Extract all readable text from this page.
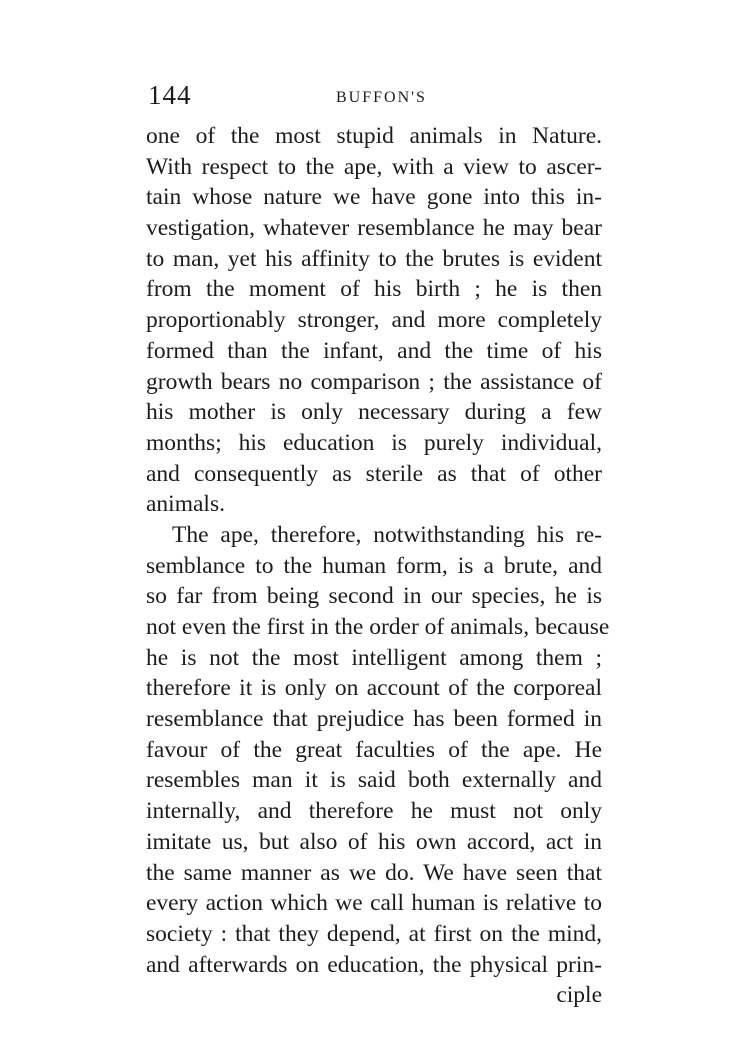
144	BUFFON'S
one of the most stupid animals in Nature.
With respect to the ape, with a view to ascer-
tain whose nature we have gone into this in-
vestigation, whatever resemblance he may bear
to man, yet his affinity to the brutes is evident
from the moment of his birth ; he is then
proportionably stronger, and more completely
formed than the infant, and the time of his
growth bears no comparison ; the assistance of
his mother is only necessary during a few
months; his education is purely individual,
and consequently as sterile as that of other
animals.
The ape, therefore, notwithstanding his re-
semblance to the human form, is a brute, and
so far from being second in our species, he is
not even the first in the order of animals, because
he is not the most intelligent among them ;
therefore it is only on account of the corporeal
resemblance that prejudice has been formed in
favour of the great faculties of the ape. He
resembles man it is said both externally and
internally, and therefore he must not only
imitate us, but also of his own accord, act in
the same manner as we do. We have seen that
every action which we call human is relative to
society : that they depend, at first on the mind,
and afterwards on education, the physical prin-
ciple
